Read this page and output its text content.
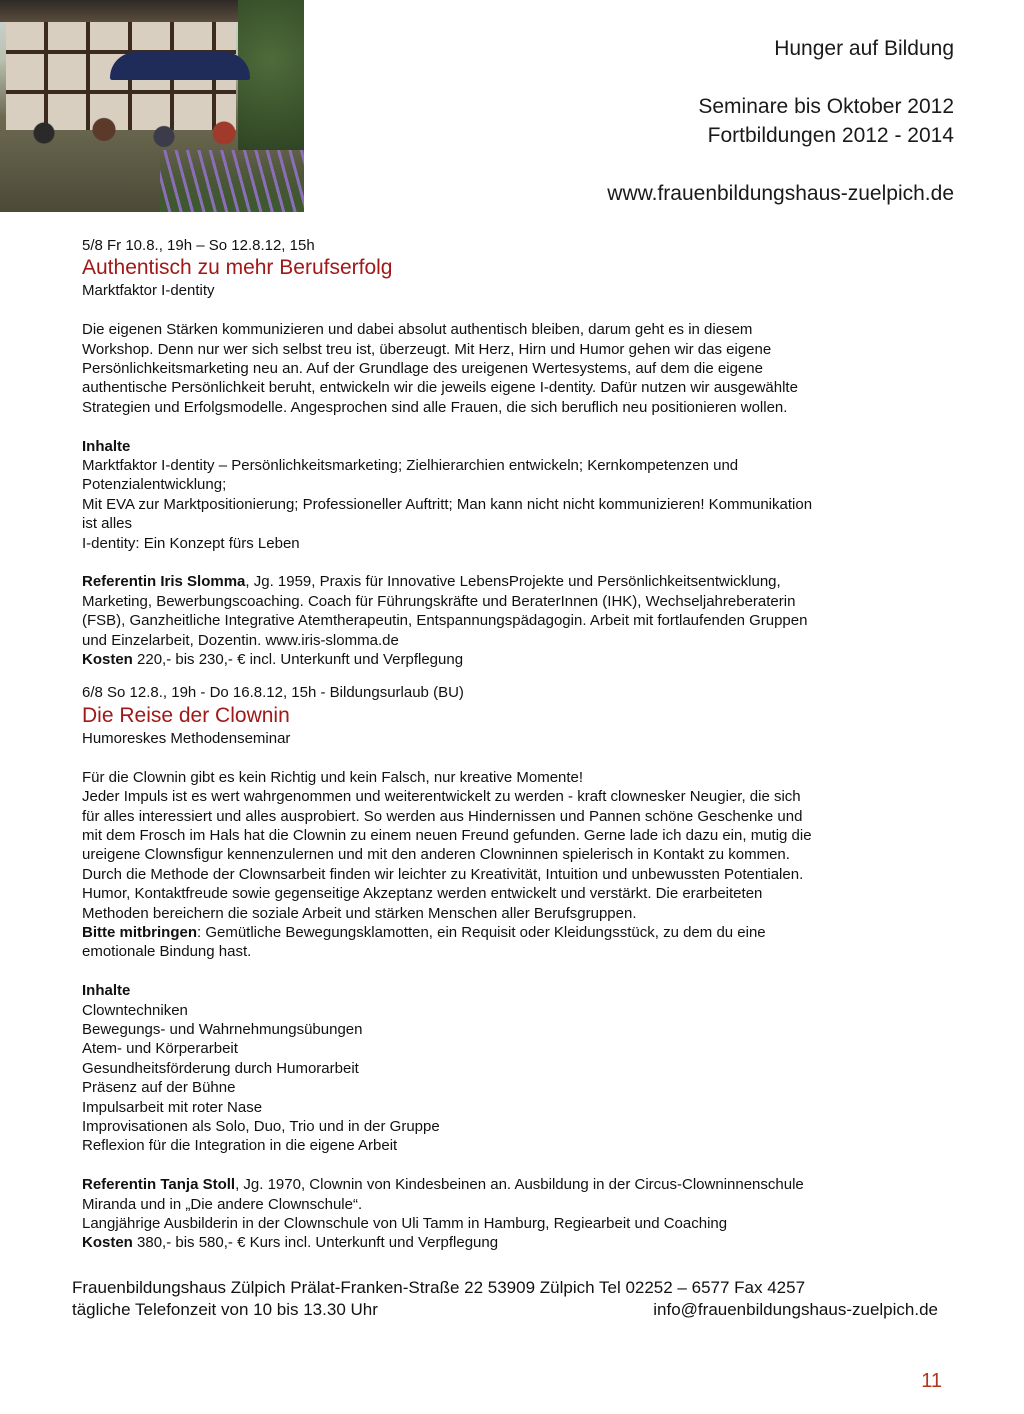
Hunger auf Bildung
Seminare bis Oktober 2012
Fortbildungen 2012 - 2014
www.frauenbildungshaus-zuelpich.de
5/8 Fr 10.8., 19h – So 12.8.12, 15h
Authentisch zu mehr Berufserfolg
Marktfaktor I-dentity
Die eigenen Stärken kommunizieren und dabei absolut authentisch bleiben, darum geht es in diesem
Workshop. Denn nur wer sich selbst treu ist, überzeugt. Mit Herz, Hirn und Humor gehen wir das eigene
Persönlichkeitsmarketing neu an. Auf der Grundlage des ureigenen Wertesystems, auf dem die eigene
authentische Persönlichkeit beruht, entwickeln wir die jeweils eigene I-dentity. Dafür nutzen wir ausgewählte
Strategien und Erfolgsmodelle. Angesprochen sind alle Frauen, die sich beruflich neu positionieren wollen.
Inhalte
Marktfaktor I-dentity – Persönlichkeitsmarketing; Zielhierarchien entwickeln; Kernkompetenzen und
Potenzialentwicklung;
Mit EVA zur Marktpositionierung; Professioneller Auftritt; Man kann nicht nicht kommunizieren! Kommunikation
ist alles
I-dentity: Ein Konzept fürs Leben
Referentin Iris Slomma, Jg. 1959, Praxis für Innovative LebensProjekte und Persönlichkeitsentwicklung,
Marketing, Bewerbungscoaching. Coach für Führungskräfte und BeraterInnen (IHK), Wechseljahreberaterin
(FSB), Ganzheitliche Integrative Atemtherapeutin, Entspannungspädagogin. Arbeit mit fortlaufenden Gruppen
und Einzelarbeit, Dozentin. www.iris-slomma.de
Kosten 220,- bis 230,- € incl. Unterkunft und Verpflegung
6/8 So 12.8., 19h - Do 16.8.12, 15h - Bildungsurlaub (BU)
Die Reise der Clownin
Humoreskes Methodenseminar
Für die Clownin gibt es kein Richtig und kein Falsch, nur kreative Momente!
Jeder Impuls ist es wert wahrgenommen und weiterentwickelt zu werden - kraft clownesker Neugier, die sich
für alles interessiert und alles ausprobiert. So werden aus Hindernissen und Pannen schöne Geschenke und
mit dem Frosch im Hals hat die Clownin zu einem neuen Freund gefunden. Gerne lade ich dazu ein, mutig die
ureigene Clownsfigur kennenzulernen und mit den anderen Clowninnen spielerisch in Kontakt zu kommen.
Durch die Methode der Clownsarbeit finden wir leichter zu Kreativität, Intuition und unbewussten Potentialen.
Humor, Kontaktfreude sowie gegenseitige Akzeptanz werden entwickelt und verstärkt. Die erarbeiteten
Methoden bereichern die soziale Arbeit und stärken Menschen aller Berufsgruppen.
Bitte mitbringen: Gemütliche Bewegungsklamotten, ein Requisit oder Kleidungsstück, zu dem du eine
emotionale Bindung hast.
Inhalte
Clowntechniken
Bewegungs- und Wahrnehmungsübungen
Atem- und Körperarbeit
Gesundheitsförderung durch Humorarbeit
Präsenz auf der Bühne
Impulsarbeit mit roter Nase
Improvisationen als Solo, Duo, Trio und in der Gruppe
Reflexion für die Integration in die eigene Arbeit
Referentin Tanja Stoll, Jg. 1970, Clownin von Kindesbeinen an. Ausbildung in der Circus-Clowninnenschule
Miranda und in „Die andere Clownschule“.
Langjährige Ausbilderin in der Clownschule von Uli Tamm in Hamburg, Regiearbeit und Coaching
Kosten 380,- bis 580,- € Kurs incl. Unterkunft und Verpflegung
Frauenbildungshaus Zülpich Prälat-Franken-Straße 22 53909 Zülpich Tel 02252 – 6577 Fax 4257
tägliche Telefonzeit von 10 bis 13.30 Uhr	info@frauenbildungshaus-zuelpich.de
11
